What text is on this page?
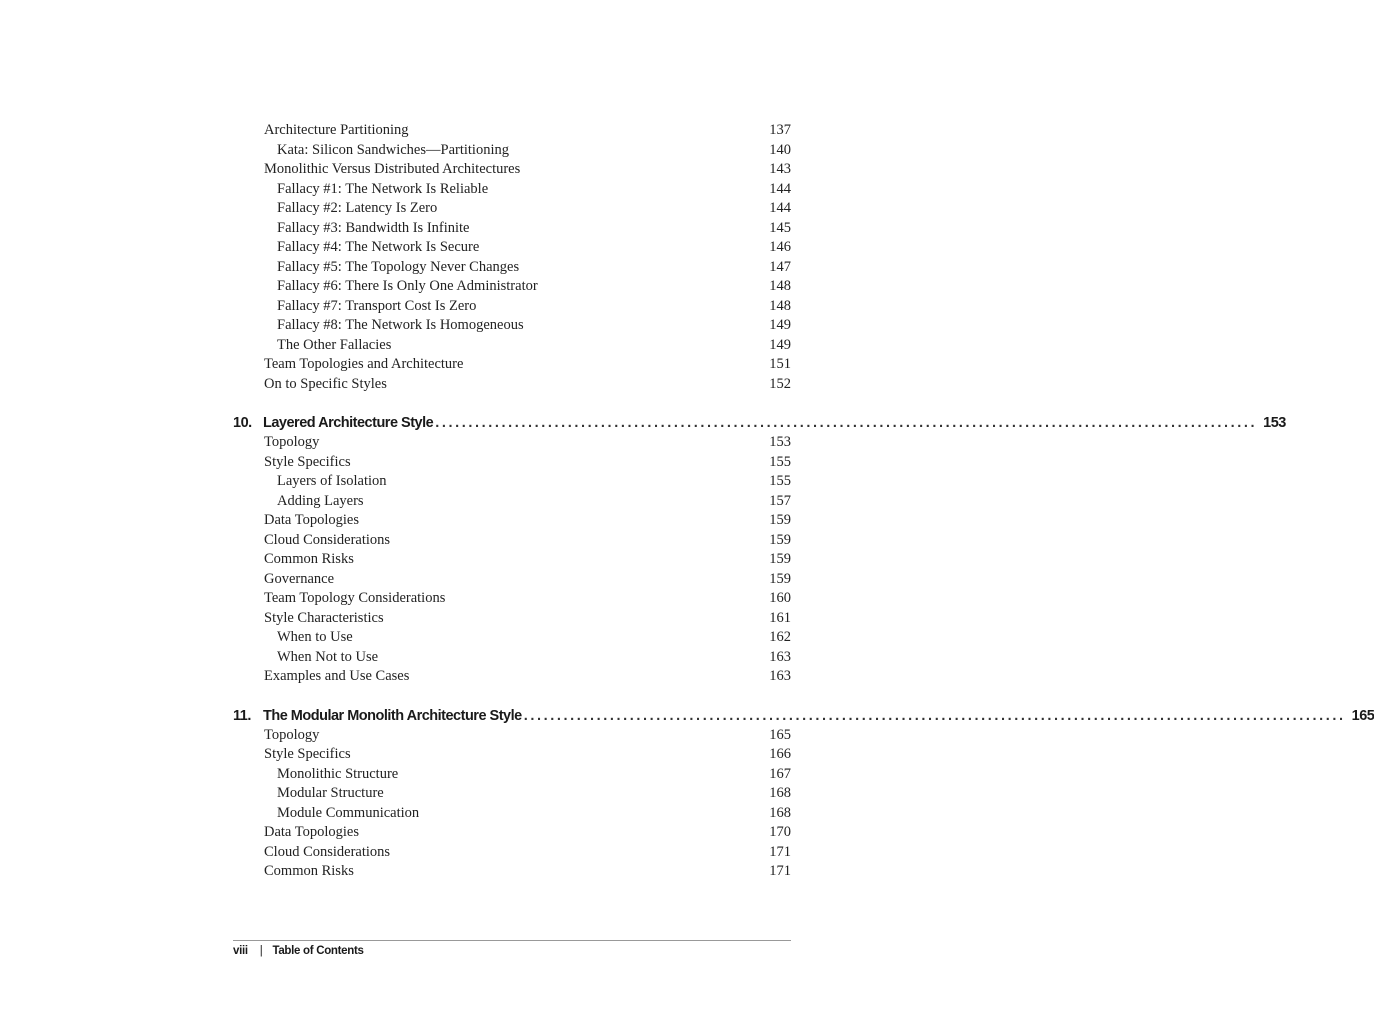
Architecture Partitioning	137
Kata: Silicon Sandwiches—Partitioning	140
Monolithic Versus Distributed Architectures	143
Fallacy #1: The Network Is Reliable	144
Fallacy #2: Latency Is Zero	144
Fallacy #3: Bandwidth Is Infinite	145
Fallacy #4: The Network Is Secure	146
Fallacy #5: The Topology Never Changes	147
Fallacy #6: There Is Only One Administrator	148
Fallacy #7: Transport Cost Is Zero	148
Fallacy #8: The Network Is Homogeneous	149
The Other Fallacies	149
Team Topologies and Architecture	151
On to Specific Styles	152
10. Layered Architecture Style ............................................................................................................................ 153
Topology	153
Style Specifics	155
Layers of Isolation	155
Adding Layers	157
Data Topologies	159
Cloud Considerations	159
Common Risks	159
Governance	159
Team Topology Considerations	160
Style Characteristics	161
When to Use	162
When Not to Use	163
Examples and Use Cases	163
11. The Modular Monolith Architecture Style ............................................................................................................................ 165
Topology	165
Style Specifics	166
Monolithic Structure	167
Modular Structure	168
Module Communication	168
Data Topologies	170
Cloud Considerations	171
Common Risks	171
viii | Table of Contents
